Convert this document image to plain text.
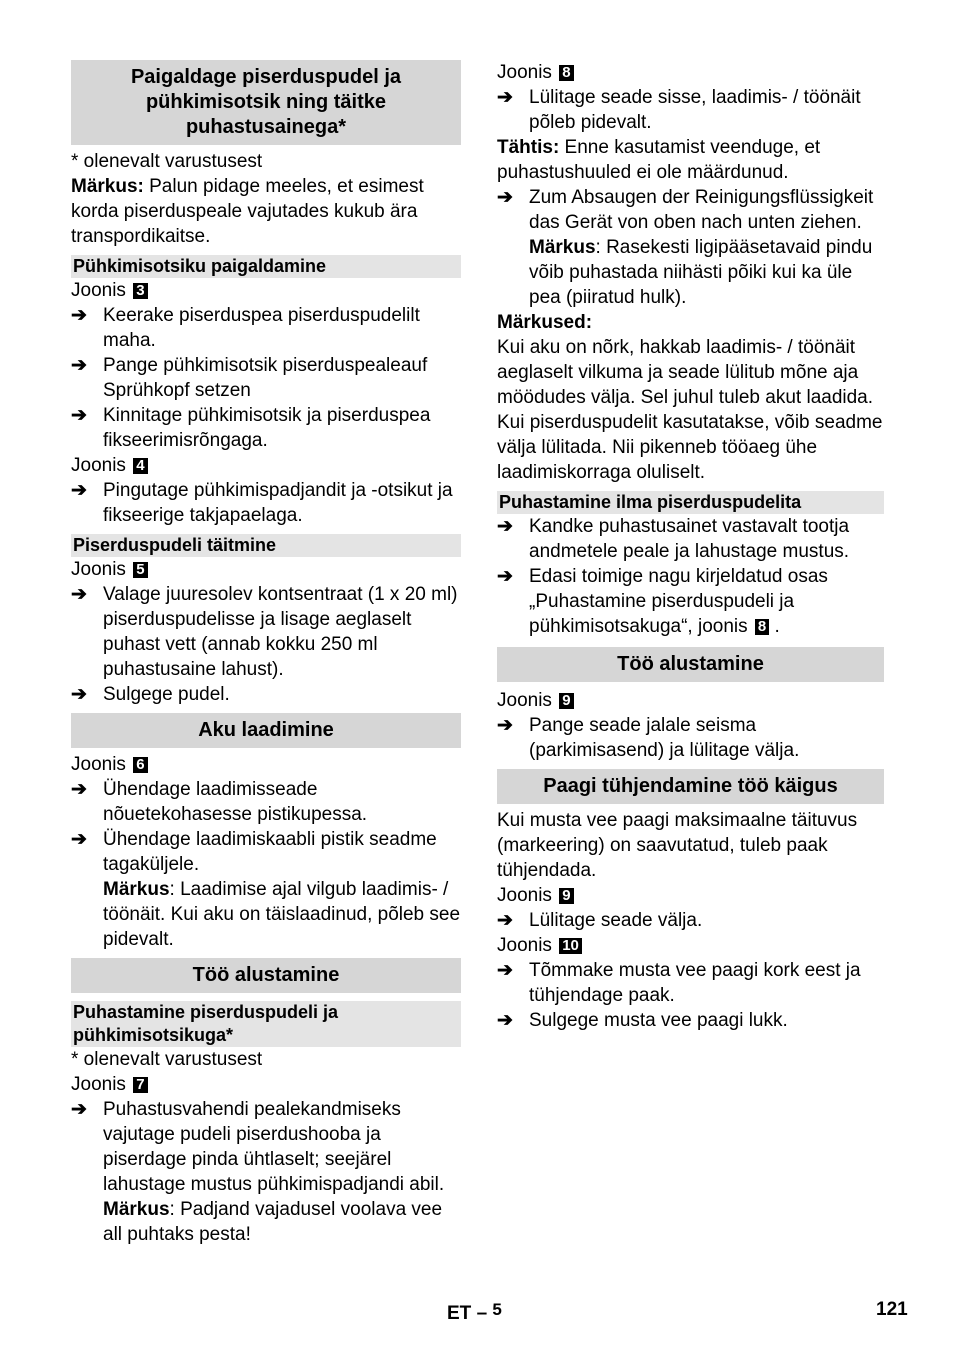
Paigaldage piserduspudel ja pühkimisotsik ning täitke puhastusainega*

* olenevalt varustusest

Märkus: Palun pidage meeles, et esimest korda piserduspeale vajutades kukub ära transpordikaitse.

Pühkimisotsiku paigaldamine

Joonis 3

➔ Keerake piserduspea piserduspudelilt maha.
➔ Pange pühkimisotsik piserduspealeauf Sprühkopf setzen
➔ Kinnitage pühkimisotsik ja piserduspea fikseerimisrõngaga.

Joonis 4

➔ Pingutage pühkimispadjandit ja -otsikut ja fikseerige takjapaelaga.

Piserduspudeli täitmine

Joonis 5

➔ Valage juuresolev kontsentraat (1 x 20 ml) piserduspudelisse ja lisage aeglaselt puhast vett (annab kokku 250 ml puhastusaine lahust).
➔ Sulgege pudel.
Aku laadimine

Joonis 6

➔ Ühendage laadimisseade nõuetekohasesse pistikupessa.
➔ Ühendage laadimiskaabli pistik seadme tagaküljele.
Märkus: Laadimise ajal vilgub laadimis- / töönäit. Kui aku on täislaadinud, põleb see pidevalt.
Töö alustamine

Puhastamine piserduspudeli ja pühkimisotsikuga*

* olenevalt varustusest

Joonis 7

➔ Puhastusvahendi pealekandmiseks vajutage pudeli piserdushooba ja piserdage pinda ühtlaselt; seejärel lahustage mustus pühkimispadjandi abil.
Märkus: Padjand vajadusel voolava vee all puhtaks pesta!

Joonis 8

➔ Lülitage seade sisse, laadimis- / töönäit põleb pidevalt.

Tähtis: Enne kasutamist veenduge, et puhastushuuled ei ole määrdunud.

➔ Zum Absaugen der Reinigungsflüssigkeit das Gerät von oben nach unten ziehen.
Märkus: Rasekesti ligipääsetavaid pindu võib puhastada niihästi põiki kui ka üle pea (piiratud hulk).

Märkused:

Kui aku on nõrk, hakkab laadimis- / töönäit aeglaselt vilkuma ja seade lülitub mõne aja möödudes välja. Sel juhul tuleb akut laadida.

Kui piserduspudelit kasutatakse, võib seadme välja lülitada. Nii pikenneb tööaeg ühe laadimiskorraga oluliselt.

Puhastamine ilma piserduspudelita

➔ Kandke puhastusainet vastavalt tootja andmetele peale ja lahustage mustus.
➔ Edasi toimige nagu kirjeldatud osas „Puhastamine piserduspudeli ja pühkimisotsakuga“, joonis 8 .
Töö alustamine

Joonis 9

➔ Pange seade jalale seisma (parkimisasend) ja lülitage välja.
Paagi tühjendamine töö käigus

Kui musta vee paagi maksimaalne täituvus (markeering) on saavutatud, tuleb paak tühjendada.

Joonis 9

➔ Lülitage seade välja.

Joonis 10

➔ Tõmmake musta vee paagi kork eest ja tühjendage paak.
➔ Sulgege musta vee paagi lukk.
ET – $^5$	121
